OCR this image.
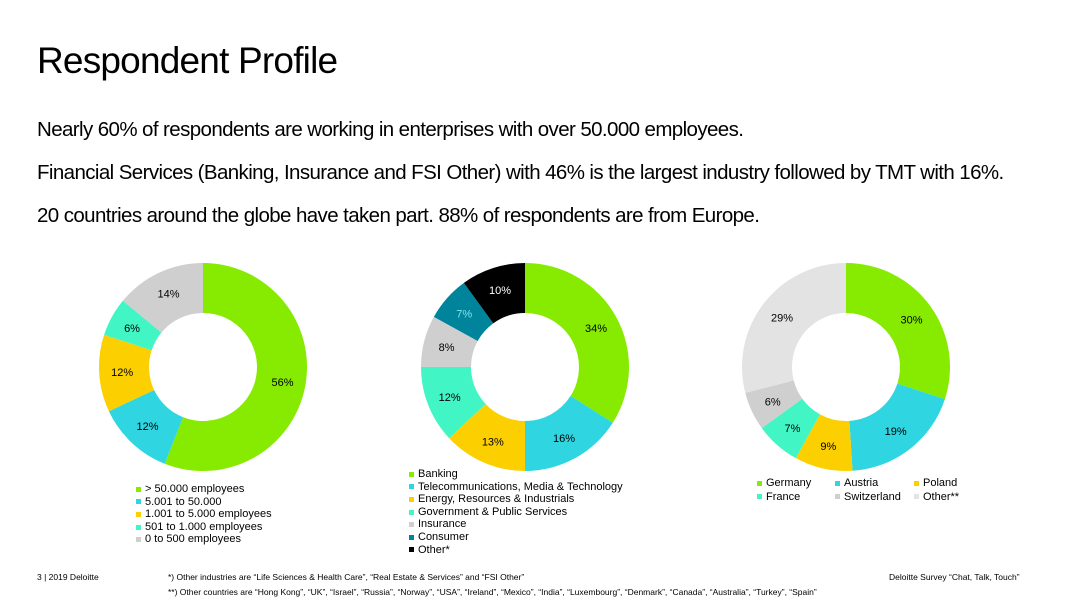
Respondent Profile

Nearly 60% of respondents are working in enterprises with over 50.000 employees.

Financial Services (Banking, Insurance and FSI Other) with 46% is the largest industry followed by TMT with 16%.

20 countries around the globe have taken part. 88% of respondents are from Europe.

56%
12%
12%
6%
14%
34%
16%
13%
12%
8%
7%
10%
30%
19%
9%
7%
6%
29%
> 50.000 employees
5.001 to 50.000
1.001 to 5.000 employees
501 to 1.000 employees
0 to 500 employees
Banking
Telecommunications, Media & Technology
Energy, Resources & Industrials
Government & Public Services
Insurance
Consumer
Other*
Germany	Austria	Poland
France	Switzerland Other**
3 | 2019 Deloitte	*) Other industries are “Life Sciences & Health Care”, “Real Estate & Services” and “FSI Other”
**) Other countries are “Hong Kong”, “UK”, “Israel”, “Russia”, “Norway”, “USA”, “Ireland”, “Mexico”, “India”, “Luxembourg”, “Denmark”, “Canada”, “Australia”, “Turkey”, “Spain”
Deloitte Survey “Chat, Talk, Touch”
